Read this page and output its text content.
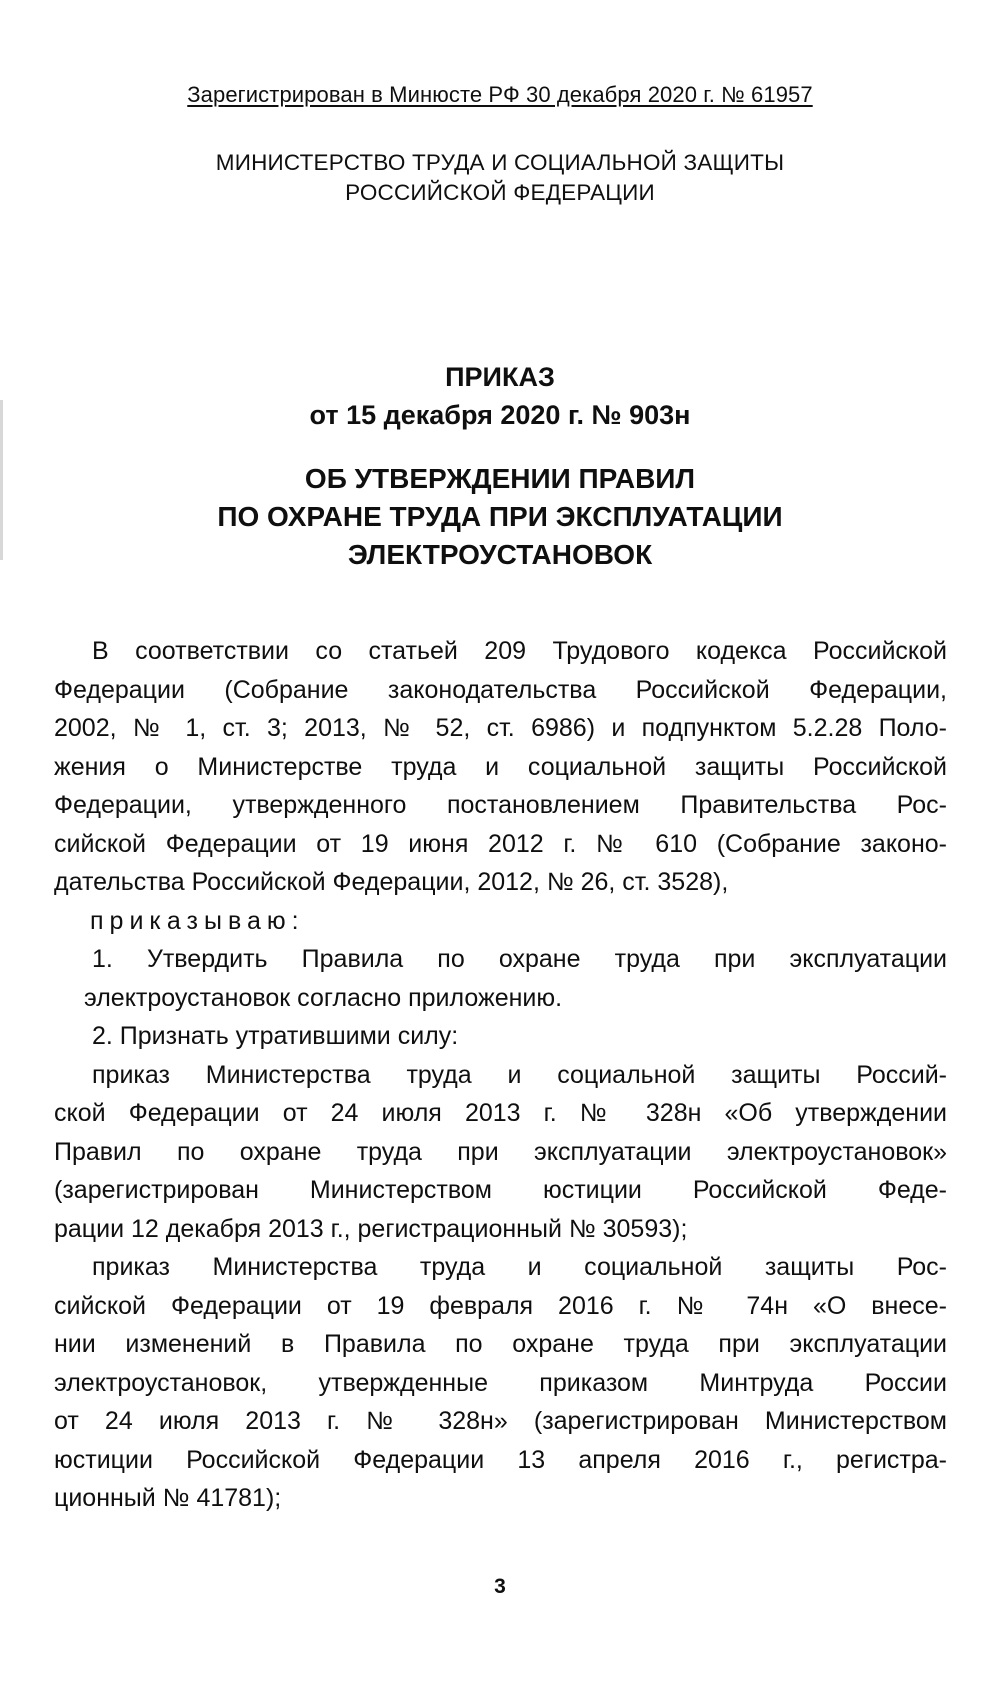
Зарегистрирован в Минюсте РФ 30 декабря 2020 г. № 61957
МИНИСТЕРСТВО ТРУДА И СОЦИАЛЬНОЙ ЗАЩИТЫ
РОССИЙСКОЙ ФЕДЕРАЦИИ
ПРИКАЗ
от 15 декабря 2020 г. № 903н
ОБ УТВЕРЖДЕНИИ ПРАВИЛ
ПО ОХРАНЕ ТРУДА ПРИ ЭКСПЛУАТАЦИИ
ЭЛЕКТРОУСТАНОВОК
В соответствии со статьей 209 Трудового кодекса Российской
Федерации (Собрание законодательства Российской Федерации,
2002, № 1, ст. 3; 2013, № 52, ст. 6986) и подпунктом 5.2.28 Поло-
жения о Министерстве труда и социальной защиты Российской
Федерации, утвержденного постановлением Правительства Рос-
сийской Федерации от 19 июня 2012 г. № 610 (Собрание законо-
дательства Российской Федерации, 2012, № 26, ст. 3528),
приказываю:
1. Утвердить Правила по охране труда при эксплуатации
электроустановок согласно приложению.
2. Признать утратившими силу:
приказ Министерства труда и социальной защиты Россий-
ской Федерации от 24 июля 2013 г. № 328н «Об утверждении
Правил по охране труда при эксплуатации электроустановок»
(зарегистрирован Министерством юстиции Российской Феде-
рации 12 декабря 2013 г., регистрационный № 30593);
приказ Министерства труда и социальной защиты Рос-
сийской Федерации от 19 февраля 2016 г. № 74н «О внесе-
нии изменений в Правила по охране труда при эксплуатации
электроустановок, утвержденные приказом Минтруда России
от 24 июля 2013 г. № 328н» (зарегистрирован Министерством
юстиции Российской Федерации 13 апреля 2016 г., регистра-
ционный № 41781);
3
